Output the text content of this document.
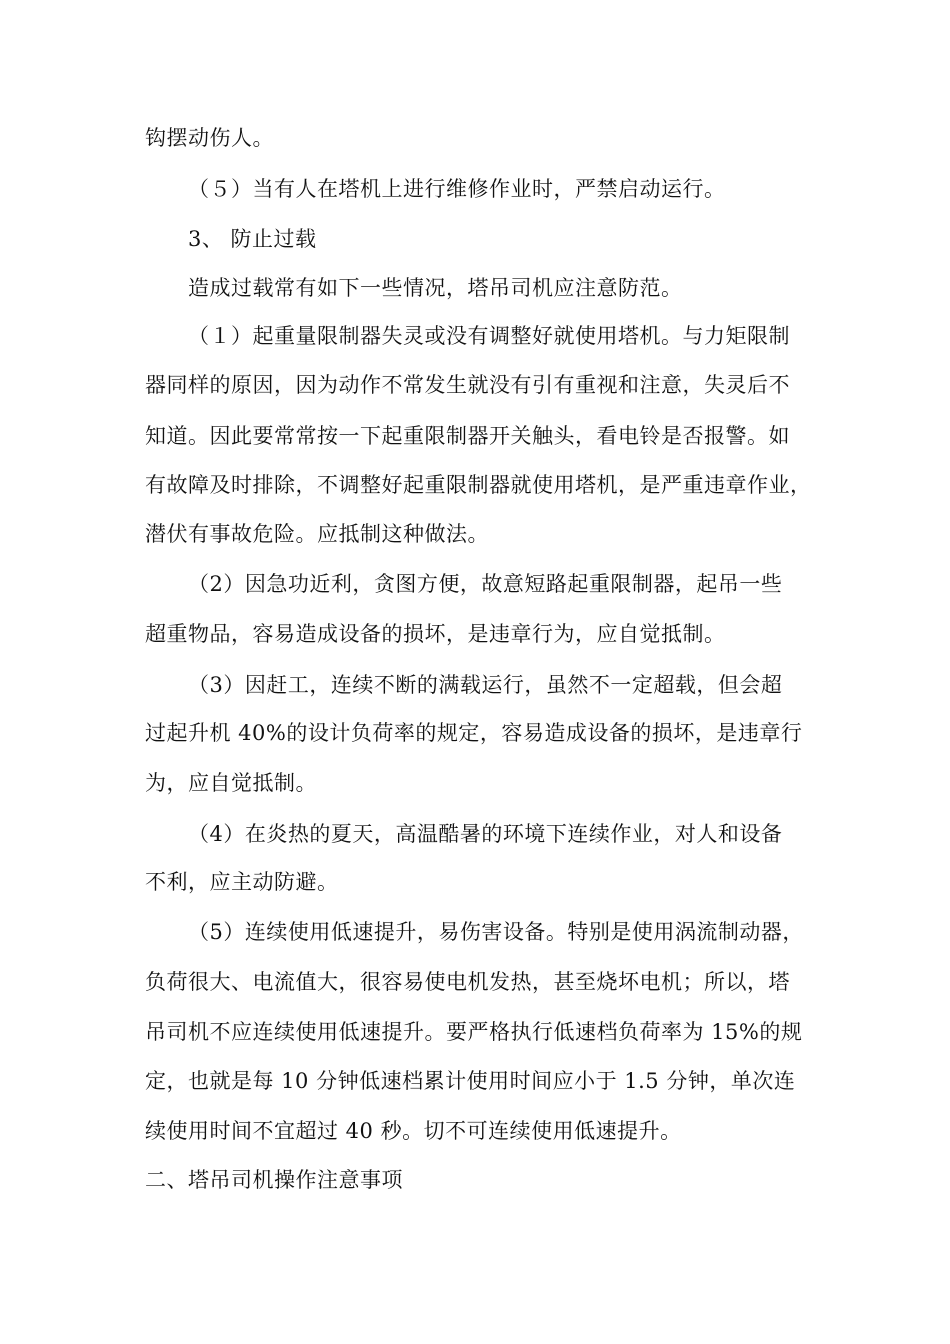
钩摆动伤人。
（５）当有人在塔机上进行维修作业时，严禁启动运行。
3、 防止过载
造成过载常有如下一些情况，塔吊司机应注意防范。
（１）起重量限制器失灵或没有调整好就使用塔机。与力矩限制
器同样的原因，因为动作不常发生就没有引有重视和注意，失灵后不
知道。因此要常常按一下起重限制器开关触头，看电铃是否报警。如
有故障及时排除，不调整好起重限制器就使用塔机，是严重违章作业，
潜伏有事故危险。应抵制这种做法。
（2）因急功近利，贪图方便，故意短路起重限制器，起吊一些
超重物品，容易造成设备的损坏，是违章行为，应自觉抵制。
（3）因赶工，连续不断的满载运行，虽然不一定超载，但会超
过起升机 40%的设计负荷率的规定，容易造成设备的损坏，是违章行
为，应自觉抵制。
（4）在炎热的夏天，高温酷暑的环境下连续作业，对人和设备
不利，应主动防避。
（5）连续使用低速提升，易伤害设备。特别是使用涡流制动器，
负荷很大、电流值大，很容易使电机发热，甚至烧坏电机；所以，塔
吊司机不应连续使用低速提升。要严格执行低速档负荷率为 15%的规
定，也就是每 10 分钟低速档累计使用时间应小于 1.5 分钟，单次连
续使用时间不宜超过 40 秒。切不可连续使用低速提升。
二、塔吊司机操作注意事项
